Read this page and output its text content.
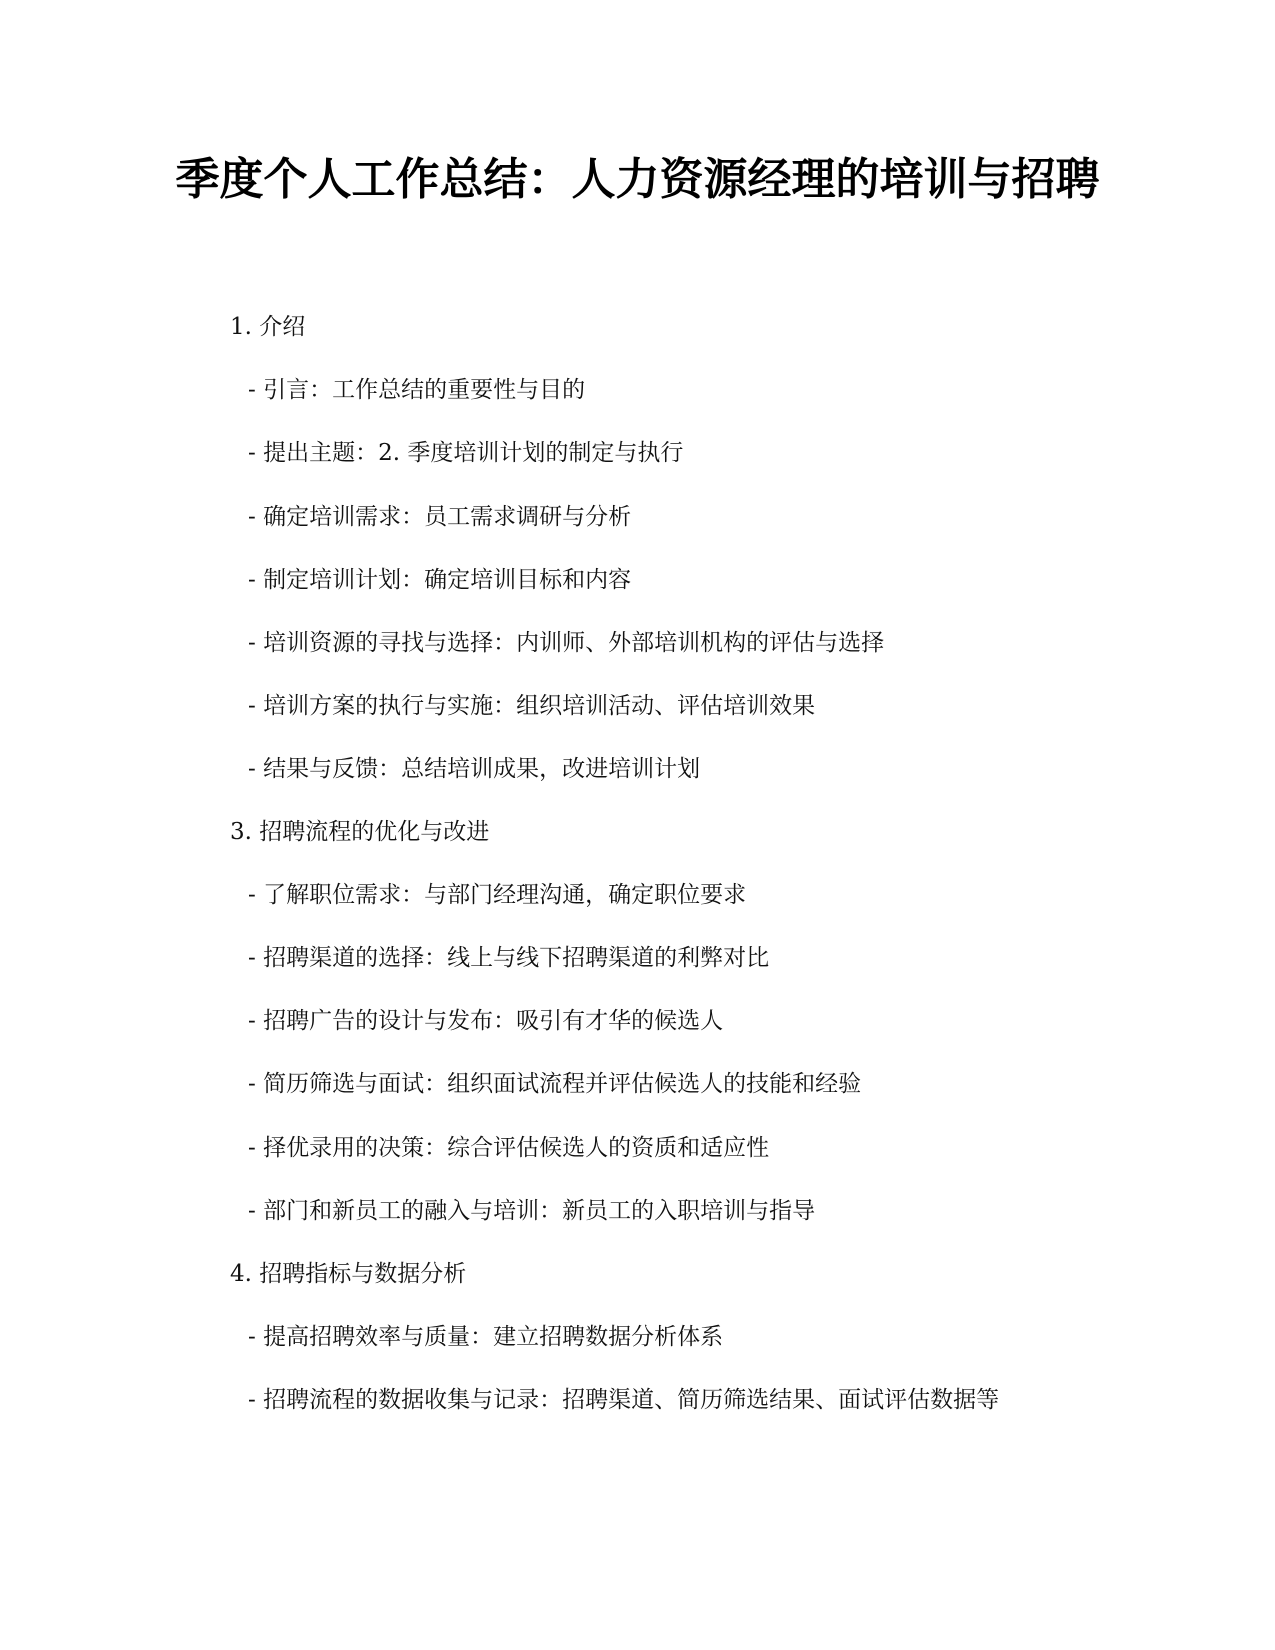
季度个人工作总结：人力资源经理的培训与招聘
1. 介绍
- 引言：工作总结的重要性与目的
- 提出主题：2. 季度培训计划的制定与执行
- 确定培训需求：员工需求调研与分析
- 制定培训计划：确定培训目标和内容
- 培训资源的寻找与选择：内训师、外部培训机构的评估与选择
- 培训方案的执行与实施：组织培训活动、评估培训效果
- 结果与反馈：总结培训成果，改进培训计划
3. 招聘流程的优化与改进
- 了解职位需求：与部门经理沟通，确定职位要求
- 招聘渠道的选择：线上与线下招聘渠道的利弊对比
- 招聘广告的设计与发布：吸引有才华的候选人
- 简历筛选与面试：组织面试流程并评估候选人的技能和经验
- 择优录用的决策：综合评估候选人的资质和适应性
- 部门和新员工的融入与培训：新员工的入职培训与指导
4. 招聘指标与数据分析
- 提高招聘效率与质量：建立招聘数据分析体系
- 招聘流程的数据收集与记录：招聘渠道、简历筛选结果、面试评估数据等
